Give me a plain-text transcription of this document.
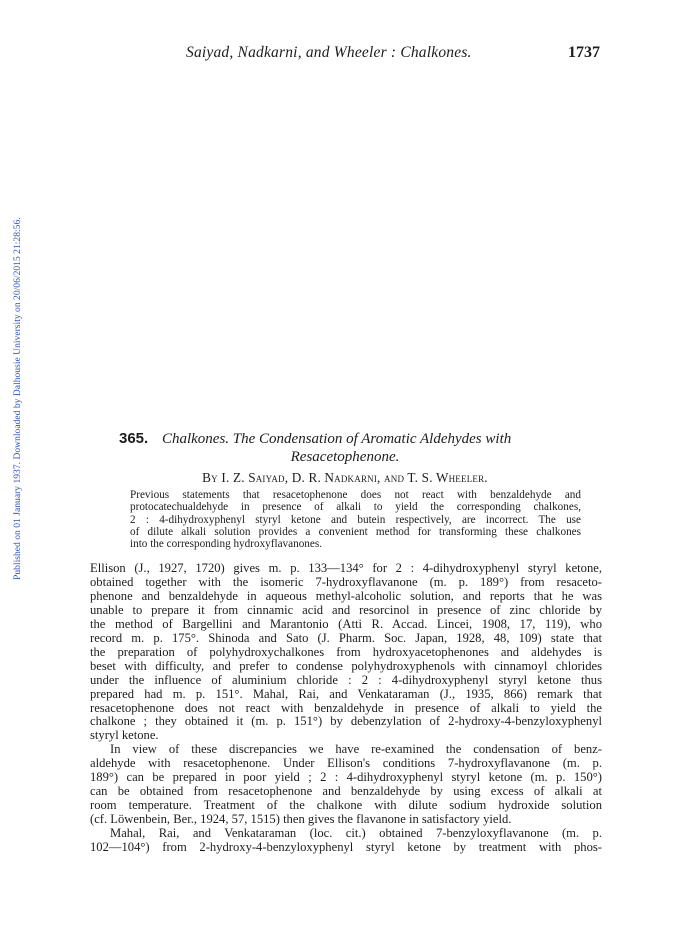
Published on 01 January 1937. Downloaded by Dalhousie University on 20/06/2015 21:28:56.
Saiyad, Nadkarni, and Wheeler : Chalkones.	1737
365. Chalkones. The Condensation of Aromatic Aldehydes with
Resacetophenone.
By I. Z. Saiyad, D. R. Nadkarni, and T. S. Wheeler.

Previous statements that resacetophenone does not react with benzaldehyde and
protocatechualdehyde in presence of alkali to yield the corresponding chalkones,
2 : 4-dihydroxyphenyl styryl ketone and butein respectively, are incorrect. The use
of dilute alkali solution provides a convenient method for transforming these chalkones
into the corresponding hydroxyflavanones.

Ellison (J., 1927, 1720) gives m. p. 133—134° for 2 : 4-dihydroxyphenyl styryl ketone,
obtained together with the isomeric 7-hydroxyflavanone (m. p. 189°) from resaceto-
phenone and benzaldehyde in aqueous methyl-alcoholic solution, and reports that he was
unable to prepare it from cinnamic acid and resorcinol in presence of zinc chloride by
the method of Bargellini and Marantonio (Atti R. Accad. Lincei, 1908, 17, 119), who
record m. p. 175°. Shinoda and Sato (J. Pharm. Soc. Japan, 1928, 48, 109) state that
the preparation of polyhydroxychalkones from hydroxyacetophenones and aldehydes is
beset with difficulty, and prefer to condense polyhydroxyphenols with cinnamoyl chlorides
under the influence of aluminium chloride : 2 : 4-dihydroxyphenyl styryl ketone thus
prepared had m. p. 151°. Mahal, Rai, and Venkataraman (J., 1935, 866) remark that
resacetophenone does not react with benzaldehyde in presence of alkali to yield the
chalkone ; they obtained it (m. p. 151°) by debenzylation of 2-hydroxy-4-benzyloxyphenyl
styryl ketone.

In view of these discrepancies we have re-examined the condensation of benz-
aldehyde with resacetophenone. Under Ellison's conditions 7-hydroxyflavanone (m. p.
189°) can be prepared in poor yield ; 2 : 4-dihydroxyphenyl styryl ketone (m. p. 150°)
can be obtained from resacetophenone and benzaldehyde by using excess of alkali at
room temperature. Treatment of the chalkone with dilute sodium hydroxide solution
(cf. Löwenbein, Ber., 1924, 57, 1515) then gives the flavanone in satisfactory yield.

Mahal, Rai, and Venkataraman (loc. cit.) obtained 7-benzyloxyflavanone (m. p.
102—104°) from 2-hydroxy-4-benzyloxyphenyl styryl ketone by treatment with phos-
